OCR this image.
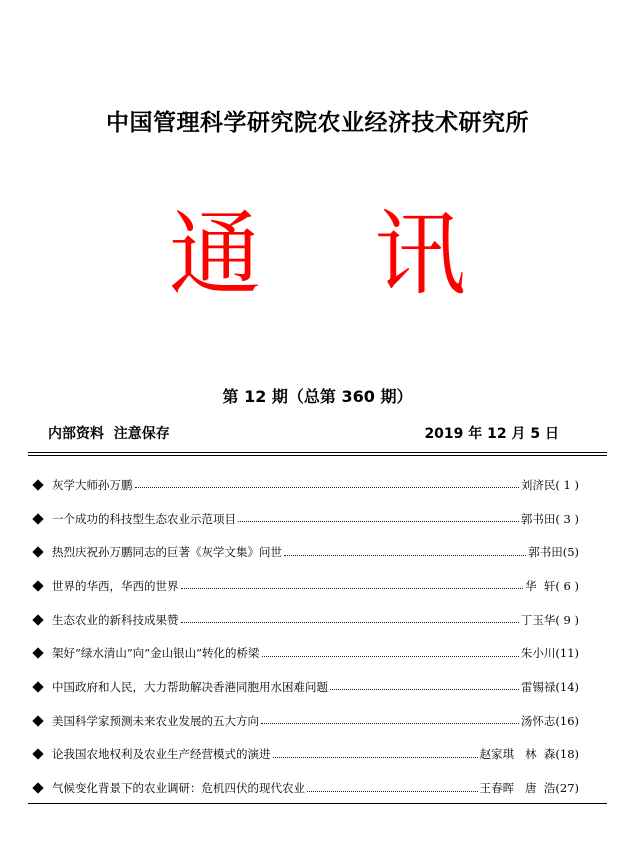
中国管理科学研究院农业经济技术研究所
通 讯
第 12 期（总第 360 期）
内部资料  注意保存	2019 年 12 月 5 日
灰学大师孙万鹏	刘济民 ( 1 )
一个成功的科技型生态农业示范项目	郭书田 ( 3 )
热烈庆祝孙万鹏同志的巨著《灰学文集》问世	郭书田 (5)
世界的华西，华西的世界	华  轩 ( 6 )
生态农业的新科技成果赞	丁玉华 ( 9 )
架好“绿水清山”向“金山银山”转化的桥梁	朱小川 (11)
中国政府和人民，大力帮助解决香港同胞用水困难问题	雷锡禄 (14)
美国科学家预测未来农业发展的五大方向	汤怀志 (16)
论我国农地权利及农业生产经营模式的演进	赵家琪   林  森 (18)
气候变化背景下的农业调研：危机四伏的现代农业	王春晖   唐  浩 (27)
